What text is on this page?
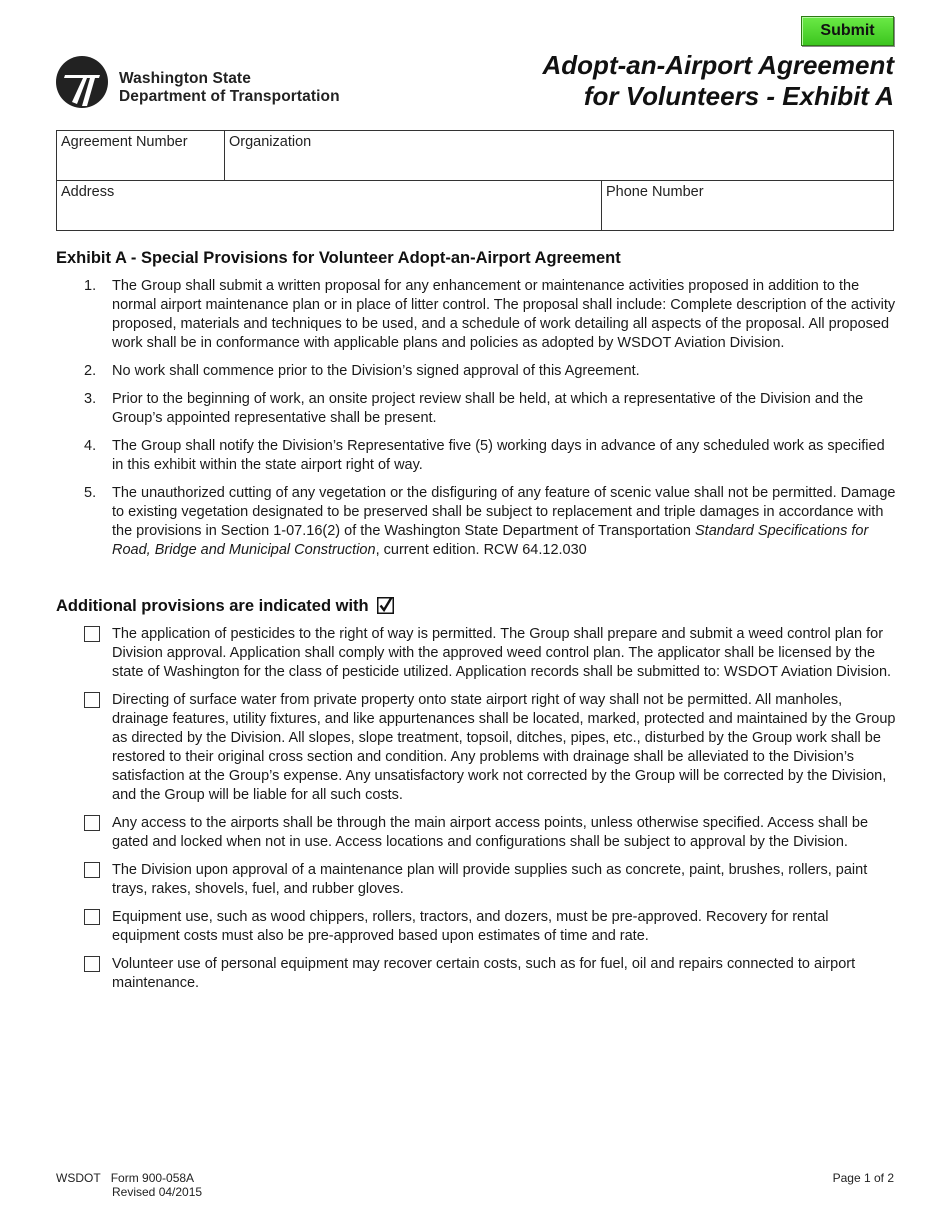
Submit
Washington State
Department of Transportation
Adopt-an-Airport Agreement
for Volunteers - Exhibit A
Agreement Number	Organization
Address	Phone Number
Exhibit A - Special Provisions for Volunteer Adopt-an-Airport Agreement
1. The Group shall submit a written proposal for any enhancement or maintenance activities proposed in addition to the normal airport maintenance plan or in place of litter control. The proposal shall include: Complete description of the activity proposed, materials and techniques to be used, and a schedule of work detailing all aspects of the proposal. All proposed work shall be in conformance with applicable plans and policies as adopted by WSDOT Aviation Division.
2. No work shall commence prior to the Division’s signed approval of this Agreement.
3. Prior to the beginning of work, an onsite project review shall be held, at which a representative of the Division and the Group’s appointed representative shall be present.
4. The Group shall notify the Division’s Representative five (5) working days in advance of any scheduled work as specified in this exhibit within the state airport right of way.
5. The unauthorized cutting of any vegetation or the disfiguring of any feature of scenic value shall not be permitted. Damage to existing vegetation designated to be preserved shall be subject to replacement and triple damages in accordance with the provisions in Section 1-07.16(2) of the Washington State Department of Transportation Standard Specifications for Road, Bridge and Municipal Construction, current edition. RCW 64.12.030
Additional provisions are indicated with
The application of pesticides to the right of way is permitted. The Group shall prepare and submit a weed control plan for Division approval. Application shall comply with the approved weed control plan. The applicator shall be licensed by the state of Washington for the class of pesticide utilized. Application records shall be submitted to: WSDOT Aviation Division.
Directing of surface water from private property onto state airport right of way shall not be permitted. All manholes, drainage features, utility fixtures, and like appurtenances shall be located, marked, protected and maintained by the Group as directed by the Division. All slopes, slope treatment, topsoil, ditches, pipes, etc., disturbed by the Group work shall be restored to their original cross section and condition. Any problems with drainage shall be alleviated to the Division’s satisfaction at the Group’s expense. Any unsatisfactory work not corrected by the Group will be corrected by the Division, and the Group will be liable for all such costs.
Any access to the airports shall be through the main airport access points, unless otherwise specified. Access shall be gated and locked when not in use. Access locations and configurations shall be subject to approval by the Division.
The Division upon approval of a maintenance plan will provide supplies such as concrete, paint, brushes, rollers, paint trays, rakes, shovels, fuel, and rubber gloves.
Equipment use, such as wood chippers, rollers, tractors, and dozers, must be pre-approved. Recovery for rental equipment costs must also be pre-approved based upon estimates of time and rate.
Volunteer use of personal equipment may recover certain costs, such as for fuel, oil and repairs connected to airport maintenance.
WSDOT Form 900-058A
Revised 04/2015
Page 1 of 2
